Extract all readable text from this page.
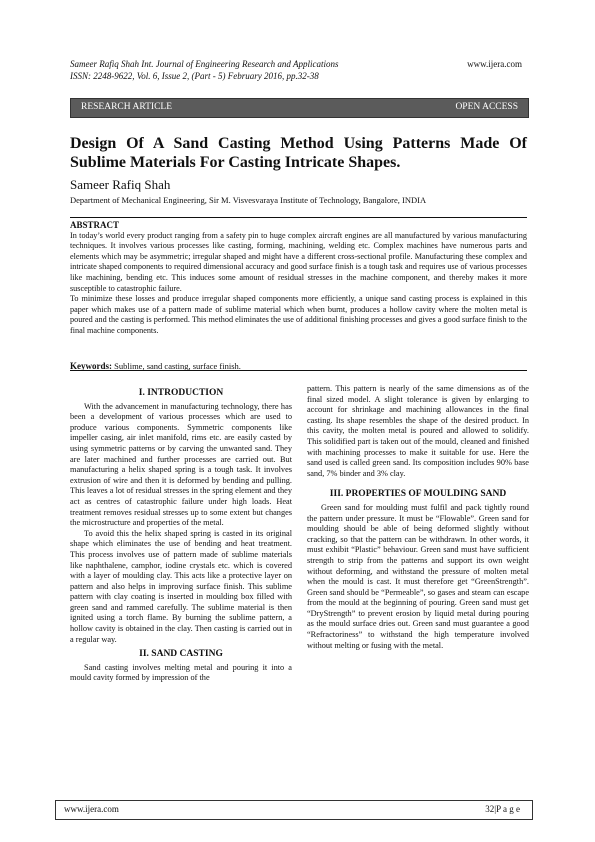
Sameer Rafiq Shah Int. Journal of Engineering Research and Applications
ISSN: 2248-9622, Vol. 6, Issue 2, (Part - 5) February 2016, pp.32-38
www.ijera.com
RESEARCH ARTICLE	OPEN ACCESS
Design Of A Sand Casting Method Using Patterns Made Of Sublime Materials For Casting Intricate Shapes.
Sameer Rafiq Shah
Department of Mechanical Engineering, Sir M. Visvesvaraya Institute of Technology, Bangalore, INDIA
ABSTRACT

In today’s world every product ranging from a safety pin to huge complex aircraft engines are all manufactured by various manufacturing techniques. It involves various processes like casting, forming, machining, welding etc. Complex machines have numerous parts and elements which may be asymmetric; irregular shaped and might have a different cross-sectional profile. Manufacturing these complex and intricate shaped components to required dimensional accuracy and good surface finish is a tough task and requires use of various processes like machining, bending etc. This induces some amount of residual stresses in the machine component, and thereby makes it more susceptible to catastrophic failure.

To minimize these losses and produce irregular shaped components more efficiently, a unique sand casting process is explained in this paper which makes use of a pattern made of sublime material which when burnt, produces a hollow cavity where the molten metal is poured and the casting is performed. This method eliminates the use of additional finishing processes and gives a good surface finish to the final machine components.

Keywords: Sublime, sand casting, surface finish.
I. INTRODUCTION

With the advancement in manufacturing technology, there has been a development of various processes which are used to produce various components. Symmetric components like impeller casing, air inlet manifold, rims etc. are easily casted by using symmetric patterns or by carving the unwanted sand. They are later machined and further processes are carried out. But manufacturing a helix shaped spring is a tough task. It involves extrusion of wire and then it is deformed by bending and pulling. This leaves a lot of residual stresses in the spring element and they act as centres of catastrophic failure under high loads. Heat treatment removes residual stresses up to some extent but changes the microstructure and properties of the metal.

To avoid this the helix shaped spring is casted in its original shape which eliminates the use of bending and heat treatment. This process involves use of pattern made of sublime materials like naphthalene, camphor, iodine crystals etc. which is covered with a layer of moulding clay. This acts like a protective layer on pattern and also helps in improving surface finish. This sublime pattern with clay coating is inserted in moulding box filled with green sand and rammed carefully. The sublime material is then ignited using a torch flame. By burning the sublime pattern, a hollow cavity is obtained in the clay. Then casting is carried out in a regular way.

II. SAND CASTING

Sand casting involves melting metal and pouring it into a mould cavity formed by impression of the

pattern. This pattern is nearly of the same dimensions as of the final sized model. A slight tolerance is given by enlarging to account for shrinkage and machining allowances in the final casting. Its shape resembles the shape of the desired product. In this cavity, the molten metal is poured and allowed to solidify. This solidified part is taken out of the mould, cleaned and finished with machining processes to make it suitable for use. Here the sand used is called green sand. Its composition includes 90% base sand, 7% binder and 3% clay.

III. PROPERTIES OF MOULDING SAND

Green sand for moulding must fulfil and pack tightly round the pattern under pressure. It must be “Flowable”. Green sand for moulding should be able of being deformed slightly without cracking, so that the pattern can be withdrawn. In other words, it must exhibit “Plastic” behaviour. Green sand must have sufficient strength to strip from the patterns and support its own weight without deforming, and withstand the pressure of molten metal when the mould is cast. It must therefore get “GreenStrength”. Green sand should be “Permeable”, so gases and steam can escape from the mould at the beginning of pouring. Green sand must get “DryStrength” to prevent erosion by liquid metal during pouring as the mould surface dries out. Green sand must guarantee a good “Refractoriness” to withstand the high temperature involved without melting or fusing with the metal.

www.ijera.com	32|P a g e
